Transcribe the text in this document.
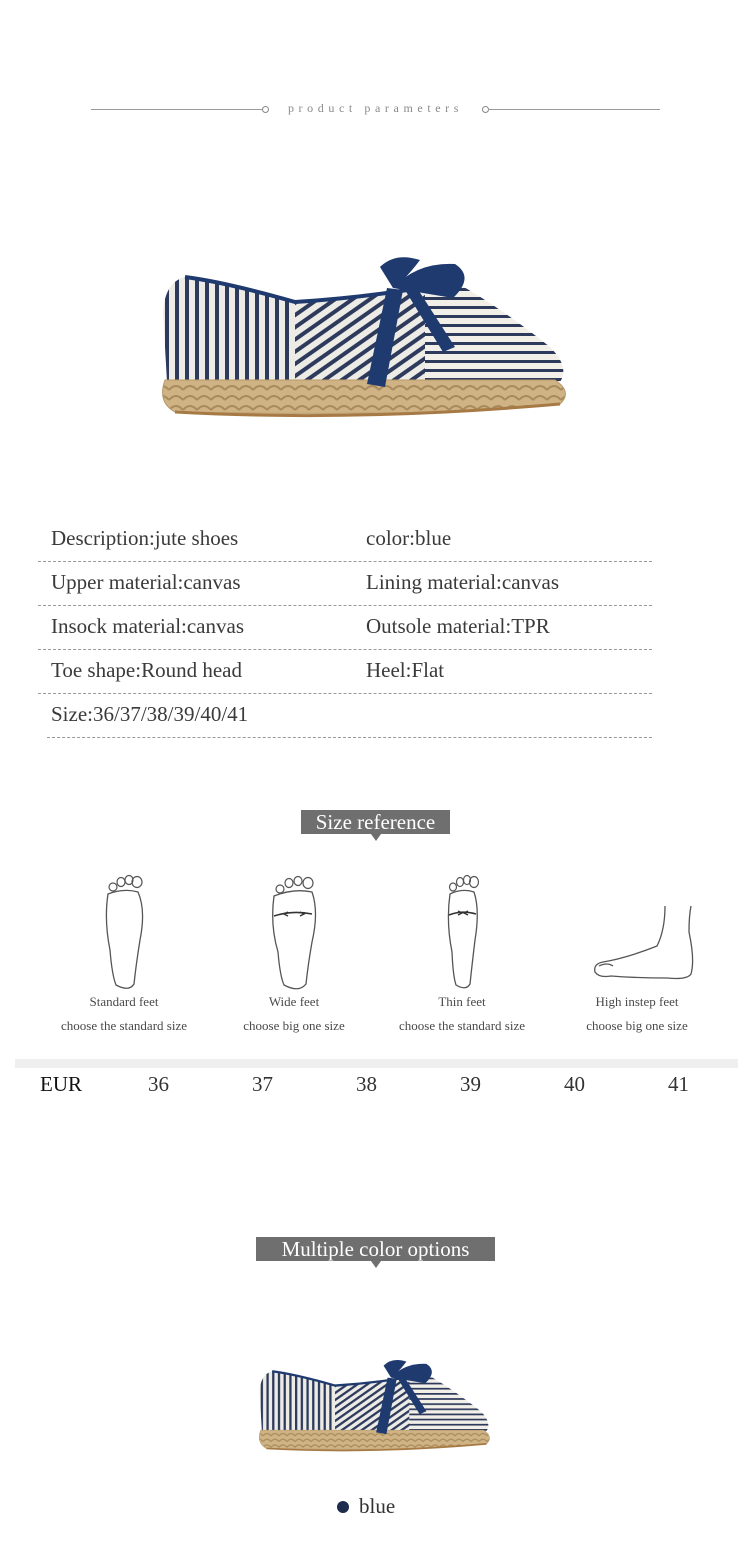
product parameters
Description:jute shoes	color:blue
Upper material:canvas	Lining material:canvas
Insock material:canvas	Outsole material:TPR
Toe shape:Round head	Heel:Flat
Size:36/37/38/39/40/41
Size reference
Standard feet
choose the standard size
Wide feet
choose big one size
Thin feet
choose the standard size
High instep feet
choose big one size
EUR	36	37	38	39	40	41
Multiple color options
blue
